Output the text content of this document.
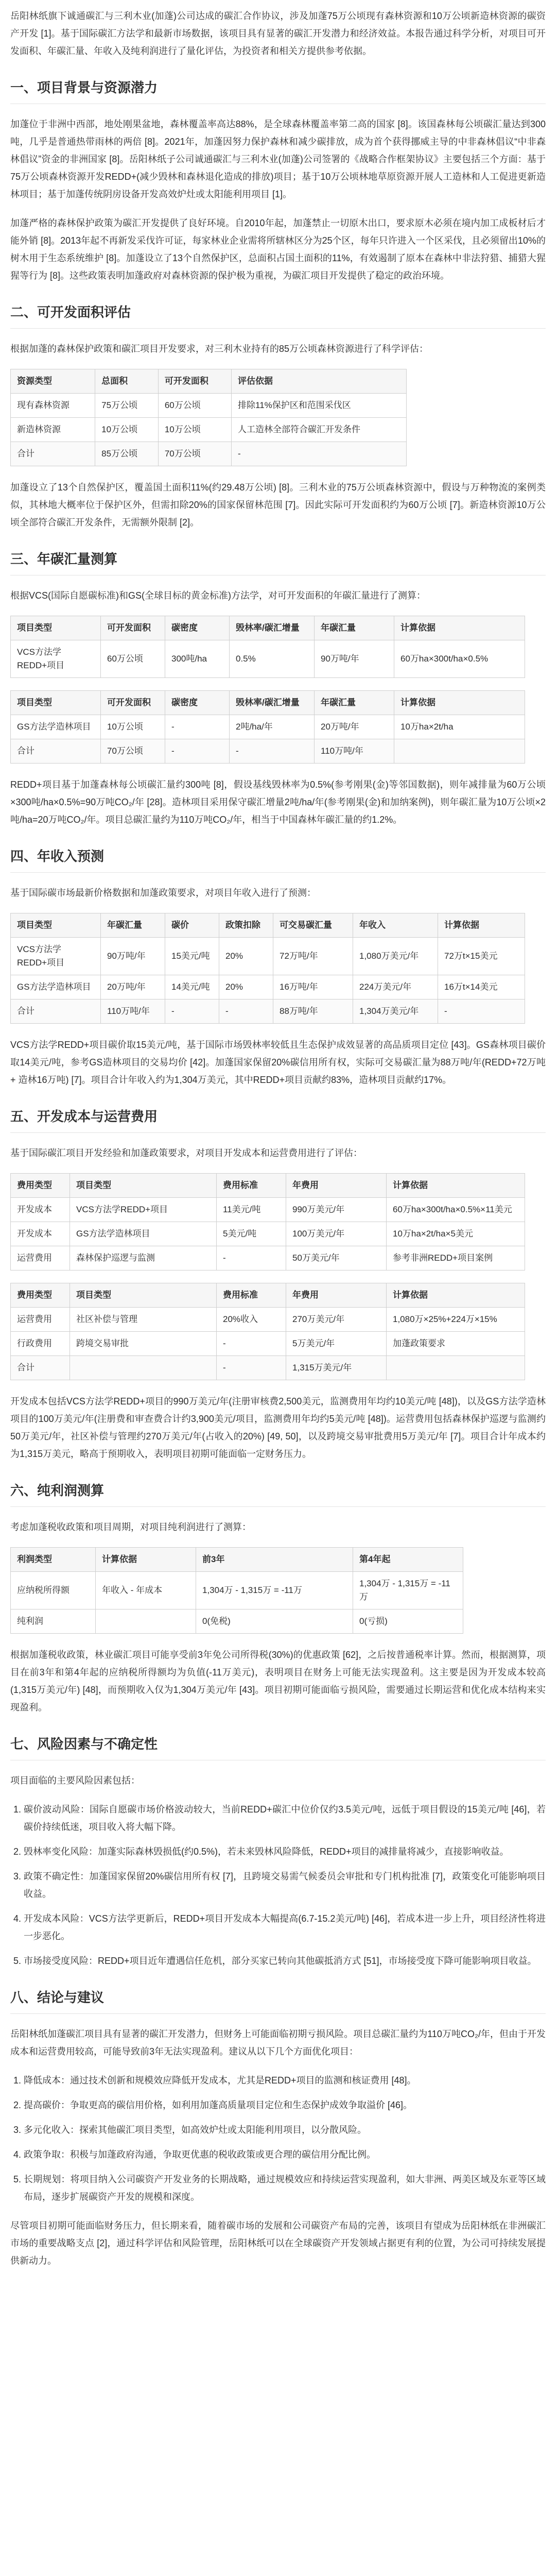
岳阳林纸旗下诚通碳汇与三利木业(加蓬)公司达成的碳汇合作协议，涉及加蓬75万公顷现有森林资源和10万公顷新造林资源的碳资产开发 [1]。基于国际碳汇方法学和最新市场数据，该项目具有显著的碳汇开发潜力和经济效益。本报告通过科学分析，对项目可开发面积、年碳汇量、年收入及纯利润进行了量化评估，为投资者和相关方提供参考依据。

一、项目背景与资源潜力

加蓬位于非洲中西部，地处刚果盆地，森林覆盖率高达88%，是全球森林覆盖率第二高的国家 [8]。该国森林每公顷碳汇量达到300吨，几乎是普通热带雨林的两倍 [8]。2021年，加蓬因努力保护森林和减少碳排放，成为首个获得挪威主导的中非森林倡议“中非森林倡议”资金的非洲国家 [8]。岳阳林纸子公司诚通碳汇与三利木业(加蓬)公司签署的《战略合作框架协议》主要包括三个方面：基于75万公顷森林资源开发REDD+(减少毁林和森林退化造成的排放)项目；基于10万公顷林地草原资源开展人工造林和人工促进更新造林项目；基于加蓬传统阴房设备开发高效炉灶或太阳能利用项目 [1]。

加蓬严格的森林保护政策为碳汇开发提供了良好环境。自2010年起，加蓬禁止一切原木出口，要求原木必须在境内加工成板材后才能外销 [8]。2013年起不再新发采伐许可证，每家林业企业需将所辖林区分为25个区，每年只许进入一个区采伐，且必须留出10%的树木用于生态系统维护 [8]。加蓬设立了13个自然保护区，总面积占国土面积的11%，有效遏制了原本在森林中非法狩猎、捕猎大猩猩等行为 [8]。这些政策表明加蓬政府对森林资源的保护极为重视，为碳汇项目开发提供了稳定的政治环境。

二、可开发面积评估

根据加蓬的森林保护政策和碳汇项目开发要求，对三利木业持有的85万公顷森林资源进行了科学评估：

资源类型	总面积	可开发面积	评估依据
现有森林资源	75万公顷	60万公顷	排除11%保护区和范围采伐区
新造林资源	10万公顷	10万公顷	人工造林全部符合碳汇开发条件
合计	85万公顷	70万公顷	-

加蓬设立了13个自然保护区，覆盖国土面积11%(约29.48万公顷) [8]。三利木业的75万公顷森林资源中，假设与万种物流的案例类似，其林地大概率位于保护区外，但需扣除20%的国家保留林范围 [7]。因此实际可开发面积约为60万公顷 [7]。新造林资源10万公顷全部符合碳汇开发条件，无需额外限制 [2]。

三、年碳汇量测算

根据VCS(国际自愿碳标准)和GS(全球目标的黄金标准)方法学，对可开发面积的年碳汇量进行了测算：

项目类型	可开发面积	碳密度	毁林率/碳汇增量	年碳汇量	计算依据
VCS方法学REDD+项目	60万公顷	300吨/ha	0.5%	90万吨/年	60万ha×300t/ha×0.5%
项目类型	可开发面积	碳密度	毁林率/碳汇增量	年碳汇量	计算依据
GS方法学造林项目	10万公顷	-	2吨/ha/年	20万吨/年	10万ha×2t/ha
合计	70万公顷	-	-	110万吨/年	

REDD+项目基于加蓬森林每公顷碳汇量约300吨 [8]，假设基线毁林率为0.5%(参考刚果(金)等邻国数据)，则年减排量为60万公顷×300吨/ha×0.5%=90万吨CO₂/年 [28]。造林项目采用保守碳汇增量2吨/ha/年(参考刚果(金)和加纳案例)，则年碳汇量为10万公顷×2吨/ha=20万吨CO₂/年。项目总碳汇量约为110万吨CO₂/年，相当于中国森林年碳汇量的约1.2%。

四、年收入预测

基于国际碳市场最新价格数据和加蓬政策要求，对项目年收入进行了预测：

项目类型	年碳汇量	碳价	政策扣除	可交易碳汇量	年收入	计算依据
VCS方法学REDD+项目	90万吨/年	15美元/吨	20%	72万吨/年	1,080万美元/年	72万t×15美元
GS方法学造林项目	20万吨/年	14美元/吨	20%	16万吨/年	224万美元/年	16万t×14美元
合计	110万吨/年	-	-	88万吨/年	1,304万美元/年	-

VCS方法学REDD+项目碳价取15美元/吨，基于国际市场毁林率较低且生态保护成效显著的高品质项目定位 [43]。GS森林项目碳价取14美元/吨，参考GS造林项目的交易均价 [42]。加蓬国家保留20%碳信用所有权，实际可交易碳汇量为88万吨/年(REDD+72万吨 + 造林16万吨) [7]。项目合计年收入约为1,304万美元，其中REDD+项目贡献约83%，造林项目贡献约17%。

五、开发成本与运营费用

基于国际碳汇项目开发经验和加蓬政策要求，对项目开发成本和运营费用进行了评估：

费用类型	项目类型	费用标准	年费用	计算依据
开发成本	VCS方法学REDD+项目	11美元/吨	990万美元/年	60万ha×300t/ha×0.5%×11美元
开发成本	GS方法学造林项目	5美元/吨	100万美元/年	10万ha×2t/ha×5美元
运营费用	森林保护巡逻与监测	-	50万美元/年	参考非洲REDD+项目案例
费用类型	项目类型	费用标准	年费用	计算依据
运营费用	社区补偿与管理	20%收入	270万美元/年	1,080万×25%+224万×15%
行政费用	跨境交易审批	-	5万美元/年	加蓬政策要求
合计		-	1,315万美元/年	

开发成本包括VCS方法学REDD+项目的990万美元/年(注册审核费2,500美元，监测费用年均约10美元/吨 [48])，以及GS方法学造林项目的100万美元/年(注册费和审查费合计约3,900美元/项目，监测费用年均约5美元/吨 [48])。运营费用包括森林保护巡逻与监测约50万美元/年，社区补偿与管理约270万美元/年(占收入的20%) [49, 50]，以及跨境交易审批费用5万美元/年 [7]。项目合计年成本约为1,315万美元，略高于预期收入，表明项目初期可能面临一定财务压力。

六、纯利润测算

考虑加蓬税收政策和项目周期，对项目纯利润进行了测算：

利润类型	计算依据	前3年	第4年起
应纳税所得额	年收入 - 年成本	1,304万 - 1,315万 = -11万	1,304万 - 1,315万 = -11万
纯利润		0(免税)	0(亏损)

根据加蓬税收政策，林业碳汇项目可能享受前3年免公司所得税(30%)的优惠政策 [62]，之后按普通税率计算。然而，根据测算，项目在前3年和第4年起的应纳税所得额均为负值(-11万美元)，表明项目在财务上可能无法实现盈利。这主要是因为开发成本较高(1,315万美元/年) [48]，而预期收入仅为1,304万美元/年 [43]。项目初期可能面临亏损风险，需要通过长期运营和优化成本结构来实现盈利。

七、风险因素与不确定性

项目面临的主要风险因素包括：

1. 碳价波动风险：国际自愿碳市场价格波动较大，当前REDD+碳汇中位价仅约3.5美元/吨，远低于项目假设的15美元/吨 [46]，若碳价持续低迷，项目收入将大幅下降。
2. 毁林率变化风险：加蓬实际森林毁损低(约0.5%)，若未来毁林风险降低，REDD+项目的减排量将减少，直接影响收益。
3. 政策不确定性：加蓬国家保留20%碳信用所有权 [7]，且跨境交易需气候委员会审批和专门机构批准 [7]，政策变化可能影响项目收益。
4. 开发成本风险：VCS方法学更新后，REDD+项目开发成本大幅提高(6.7-15.2美元/吨) [46]，若成本进一步上升，项目经济性将进一步恶化。
5. 市场接受度风险：REDD+项目近年遭遇信任危机，部分买家已转向其他碳抵消方式 [51]，市场接受度下降可能影响项目收益。
八、结论与建议

岳阳林纸加蓬碳汇项目具有显著的碳汇开发潜力，但财务上可能面临初期亏损风险。项目总碳汇量约为110万吨CO₂/年，但由于开发成本和运营费用较高，可能导致前3年无法实现盈利。建议从以下几个方面优化项目：

1. 降低成本：通过技术创新和规模效应降低开发成本，尤其是REDD+项目的监测和核证费用 [48]。
2. 提高碳价：争取更高的碳信用价格，如利用加蓬高质量项目定位和生态保护成效争取溢价 [46]。
3. 多元化收入：探索其他碳汇项目类型，如高效炉灶或太阳能利用项目，以分散风险。
4. 政策争取：积极与加蓬政府沟通，争取更优惠的税收政策或更合理的碳信用分配比例。
5. 长期规划：将项目纳入公司碳资产开发业务的长期战略，通过规模效应和持续运营实现盈利，如大非洲、两美区域及东亚等区域布局，逐步扩展碳资产开发的规模和深度。

尽管项目初期可能面临财务压力，但长期来看，随着碳市场的发展和公司碳资产布局的完善，该项目有望成为岳阳林纸在非洲碳汇市场的重要战略支点 [2]，通过科学评估和风险管理，岳阳林纸可以在全球碳资产开发领域占据更有利的位置，为公司可持续发展提供新动力。
